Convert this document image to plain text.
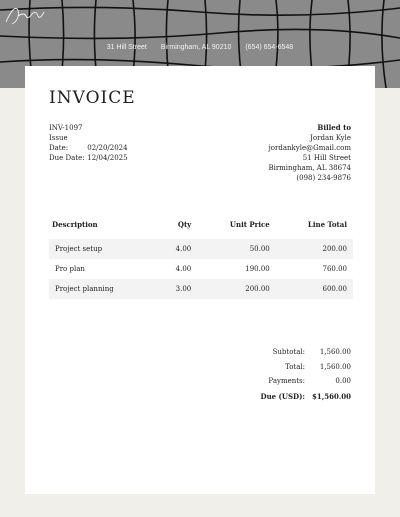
31 Hill Street Birmingham, AL 90210 (654) 654-6548
INVOICE
INV-1097
Issue Date:	02/20/2024
Due Date: 12/04/2025
Billed to
Jordan Kyle
jordankyle@Gmail.com
51 Hill Street
Birmingham, AL 38674
(098) 234-9876
Description	Qty	Unit Price	Line Total
Project setup	4.00	50.00	200.00
Pro plan	4.00	190.00	760.00
Project planning	3.00	200.00	600.00
Subtotal:	1,560.00
Total:	1,560.00
Payments:	0.00
Due (USD): $1,560.00
